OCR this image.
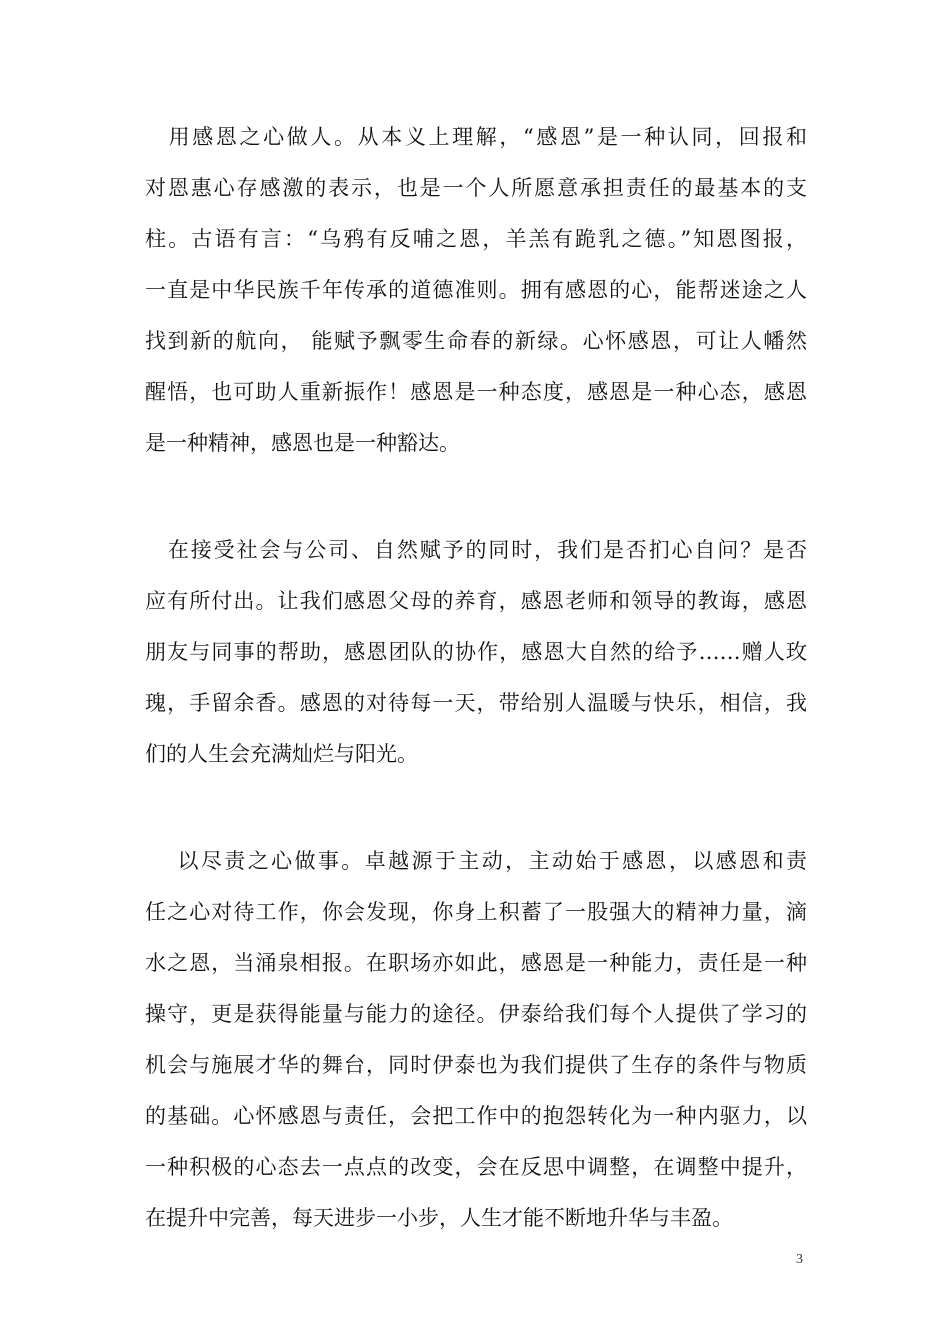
　用感恩之心做人。从本义上理解，“感恩”是一种认同，回报和
对恩惠心存感激的表示，也是一个人所愿意承担责任的最基本的支
柱。古语有言：“乌鸦有反哺之恩，羊羔有跪乳之德。”知恩图报，
一直是中华民族千年传承的道德准则。拥有感恩的心，能帮迷途之人
找到新的航向， 能赋予飘零生命春的新绿。心怀感恩，可让人幡然
醒悟，也可助人重新振作！感恩是一种态度，感恩是一种心态，感恩
是一种精神，感恩也是一种豁达。
　在接受社会与公司、自然赋予的同时，我们是否扪心自问？是否
应有所付出。让我们感恩父母的养育，感恩老师和领导的教诲，感恩
朋友与同事的帮助，感恩团队的协作，感恩大自然的给予……赠人玫
瑰，手留余香。感恩的对待每一天，带给别人温暖与快乐，相信，我
们的人生会充满灿烂与阳光。
　 以尽责之心做事。卓越源于主动，主动始于感恩，以感恩和责
任之心对待工作，你会发现，你身上积蓄了一股强大的精神力量，滴
水之恩，当涌泉相报。在职场亦如此，感恩是一种能力，责任是一种
操守，更是获得能量与能力的途径。伊泰给我们每个人提供了学习的
机会与施展才华的舞台，同时伊泰也为我们提供了生存的条件与物质
的基础。心怀感恩与责任，会把工作中的抱怨转化为一种内驱力，以
一种积极的心态去一点点的改变，会在反思中调整，在调整中提升，
在提升中完善，每天进步一小步，人生才能不断地升华与丰盈。
3
